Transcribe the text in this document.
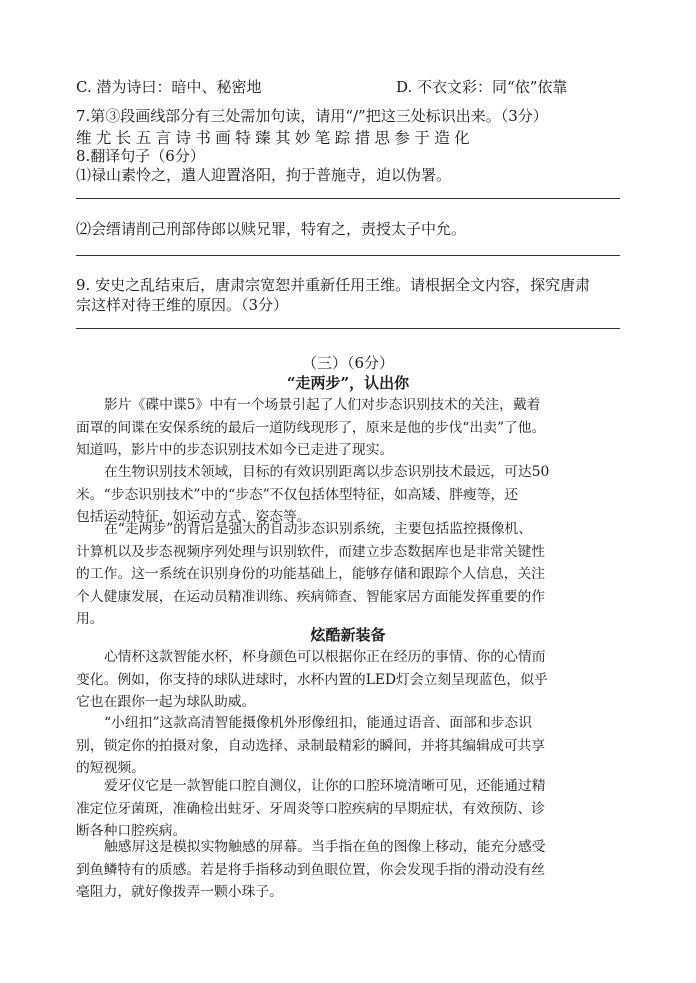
C. 潜为诗曰：暗中、秘密地	D. 不衣文彩：同“依”依靠
7.第③段画线部分有三处需加句读，请用“/”把这三处标识出来。（3分）
维尤长五言诗书画特臻其妙笔踪措思参于造化
8.翻译句子（6分）
⑴禄山素怜之，遣人迎置洛阳，拘于普施寺，迫以伪署。
⑵会缙请削己刑部侍郎以赎兄罪，特宥之，责授太子中允。
9. 安史之乱结束后，唐肃宗宽恕并重新任用王维。请根据全文内容，探究唐肃
宗这样对待王维的原因。（3分）
（三）（6分）
“走两步”，认出你
影片《碟中谍5》中有一个场景引起了人们对步态识别技术的关注，戴着
面罩的间谍在安保系统的最后一道防线现形了，原来是他的步伐“出卖”了他。
知道吗，影片中的步态识别技术如今已走进了现实。
在生物识别技术领域，目标的有效识别距离以步态识别技术最远，可达50
米。“步态识别技术”中的“步态”不仅包括体型特征，如高矮、胖瘦等，还
包括运动特征，如运动方式、姿态等。
在“走两步”的背后是强大的自动步态识别系统，主要包括监控摄像机、
计算机以及步态视频序列处理与识别软件，而建立步态数据库也是非常关键性
的工作。这一系统在识别身份的功能基础上，能够存储和跟踪个人信息，关注
个人健康发展，在运动员精准训练、疾病筛查、智能家居方面能发挥重要的作
用。
炫酷新装备
心情杯这款智能水杯，杯身颜色可以根据你正在经历的事情、你的心情而
变化。例如，你支持的球队进球时，水杯内置的LED灯会立刻呈现蓝色，似乎
它也在跟你一起为球队助威。
“小纽扣”这款高清智能摄像机外形像纽扣，能通过语音、面部和步态识
别，锁定你的拍摄对象，自动选择、录制最精彩的瞬间，并将其编辑成可共享
的短视频。
爱牙仪它是一款智能口腔自测仪，让你的口腔环境清晰可见，还能通过精
准定位牙菌斑，准确检出蛀牙、牙周炎等口腔疾病的早期症状，有效预防、诊
断各种口腔疾病。
触感屏这是模拟实物触感的屏幕。当手指在鱼的图像上移动，能充分感受
到鱼鳞特有的质感。若是将手指移动到鱼眼位置，你会发现手指的滑动没有丝
毫阻力，就好像拨弄一颗小珠子。
